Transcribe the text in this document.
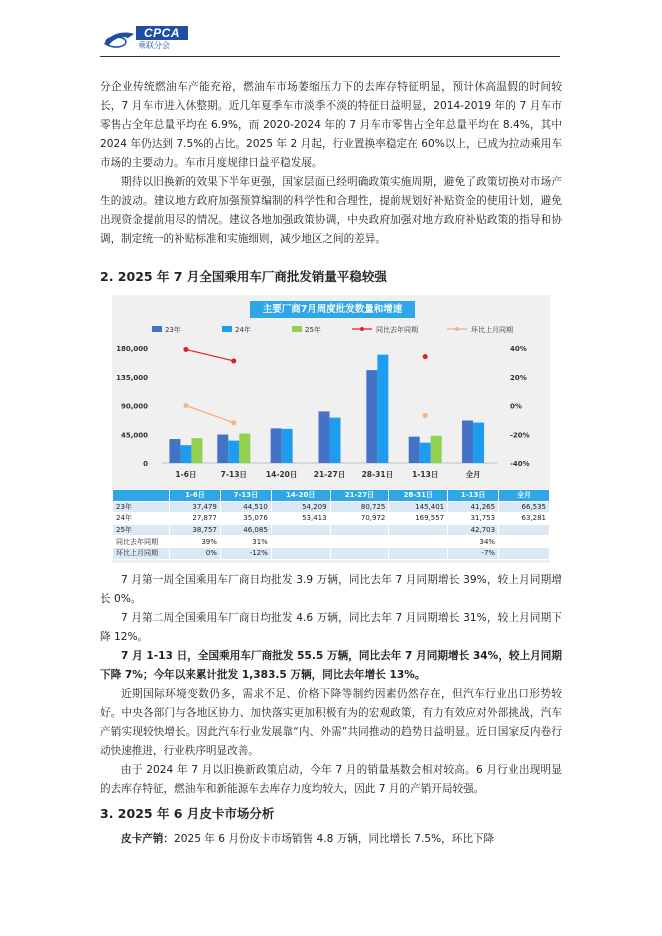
CPCA
乘联分会

分企业传统燃油车产能充裕，燃油车市场萎缩压力下的去库存特征明显，预计休高温假的时间较长，7 月车市进入休整期。近几年夏季车市淡季不淡的特征日益明显，2014-2019 年的 7 月车市零售占全年总量平均在 6.9%，而 2020-2024 年的 7 月车市零售占全年总量平均在 8.4%，其中 2024 年仍达到 7.5%的占比。2025 年 2 月起，行业置换率稳定在 60%以上，已成为拉动乘用车市场的主要动力。车市月度规律日益平稳发展。

期待以旧换新的效果下半年更强，国家层面已经明确政策实施周期，避免了政策切换对市场产生的波动。建议地方政府加强预算编制的科学性和合理性，提前规划好补贴资金的使用计划，避免出现资金提前用尽的情况。建议各地加强政策协调，中央政府加强对地方政府补贴政策的指导和协调，制定统一的补贴标准和实施细则，减少地区之间的差异。

2. 2025 年 7 月全国乘用车厂商批发销量平稳较强
主要厂商7月周度批发数量和增速
23年	24年	25年	同比去年同期	环比上月同期
0
45,000
90,000
135,000
180,000
-40%
-20%
0%
20%
40%
1-6日	7-13日	14-20日 21-27日 28-31日	1-13日	全月
	1-6日	7-13日	14-20日	21-27日	28-31日	1-13日	全月
23年	37,479	44,510	54,209	80,725	145,401	41,265	66,535
24年	27,877	35,076	53,413	70,972	169,557	31,753	63,281
25年	38,757	46,085				42,703	
同比去年同期	39%	31%				34%	
环比上月同期	0%	-12%				-7%	

7 月第一周全国乘用车厂商日均批发 3.9 万辆，同比去年 7 月同期增长 39%，较上月同期增长 0%。

7 月第二周全国乘用车厂商日均批发 4.6 万辆，同比去年 7 月同期增长 31%，较上月同期下降 12%。

7 月 1-13 日，全国乘用车厂商批发 55.5 万辆，同比去年 7 月同期增长 34%，较上月同期下降 7%；今年以来累计批发 1,383.5 万辆，同比去年增长 13%。

近期国际环境变数仍多，需求不足、价格下降等制约因素仍然存在，但汽车行业出口形势较好。中央各部门与各地区协力、加快落实更加积极有为的宏观政策，有力有效应对外部挑战，汽车产销实现较快增长。因此汽车行业发展靠“内、外需”共同推动的趋势日益明显。近日国家反内卷行动快速推进，行业秩序明显改善。

由于 2024 年 7 月以旧换新政策启动，今年 7 月的销量基数会相对较高。6 月行业出现明显的去库存特征，燃油车和新能源车去库存力度均较大，因此 7 月的产销开局较强。

3. 2025 年 6 月皮卡市场分析

皮卡产销：2025 年 6 月份皮卡市场销售 4.8 万辆，同比增长 7.5%，环比下降
